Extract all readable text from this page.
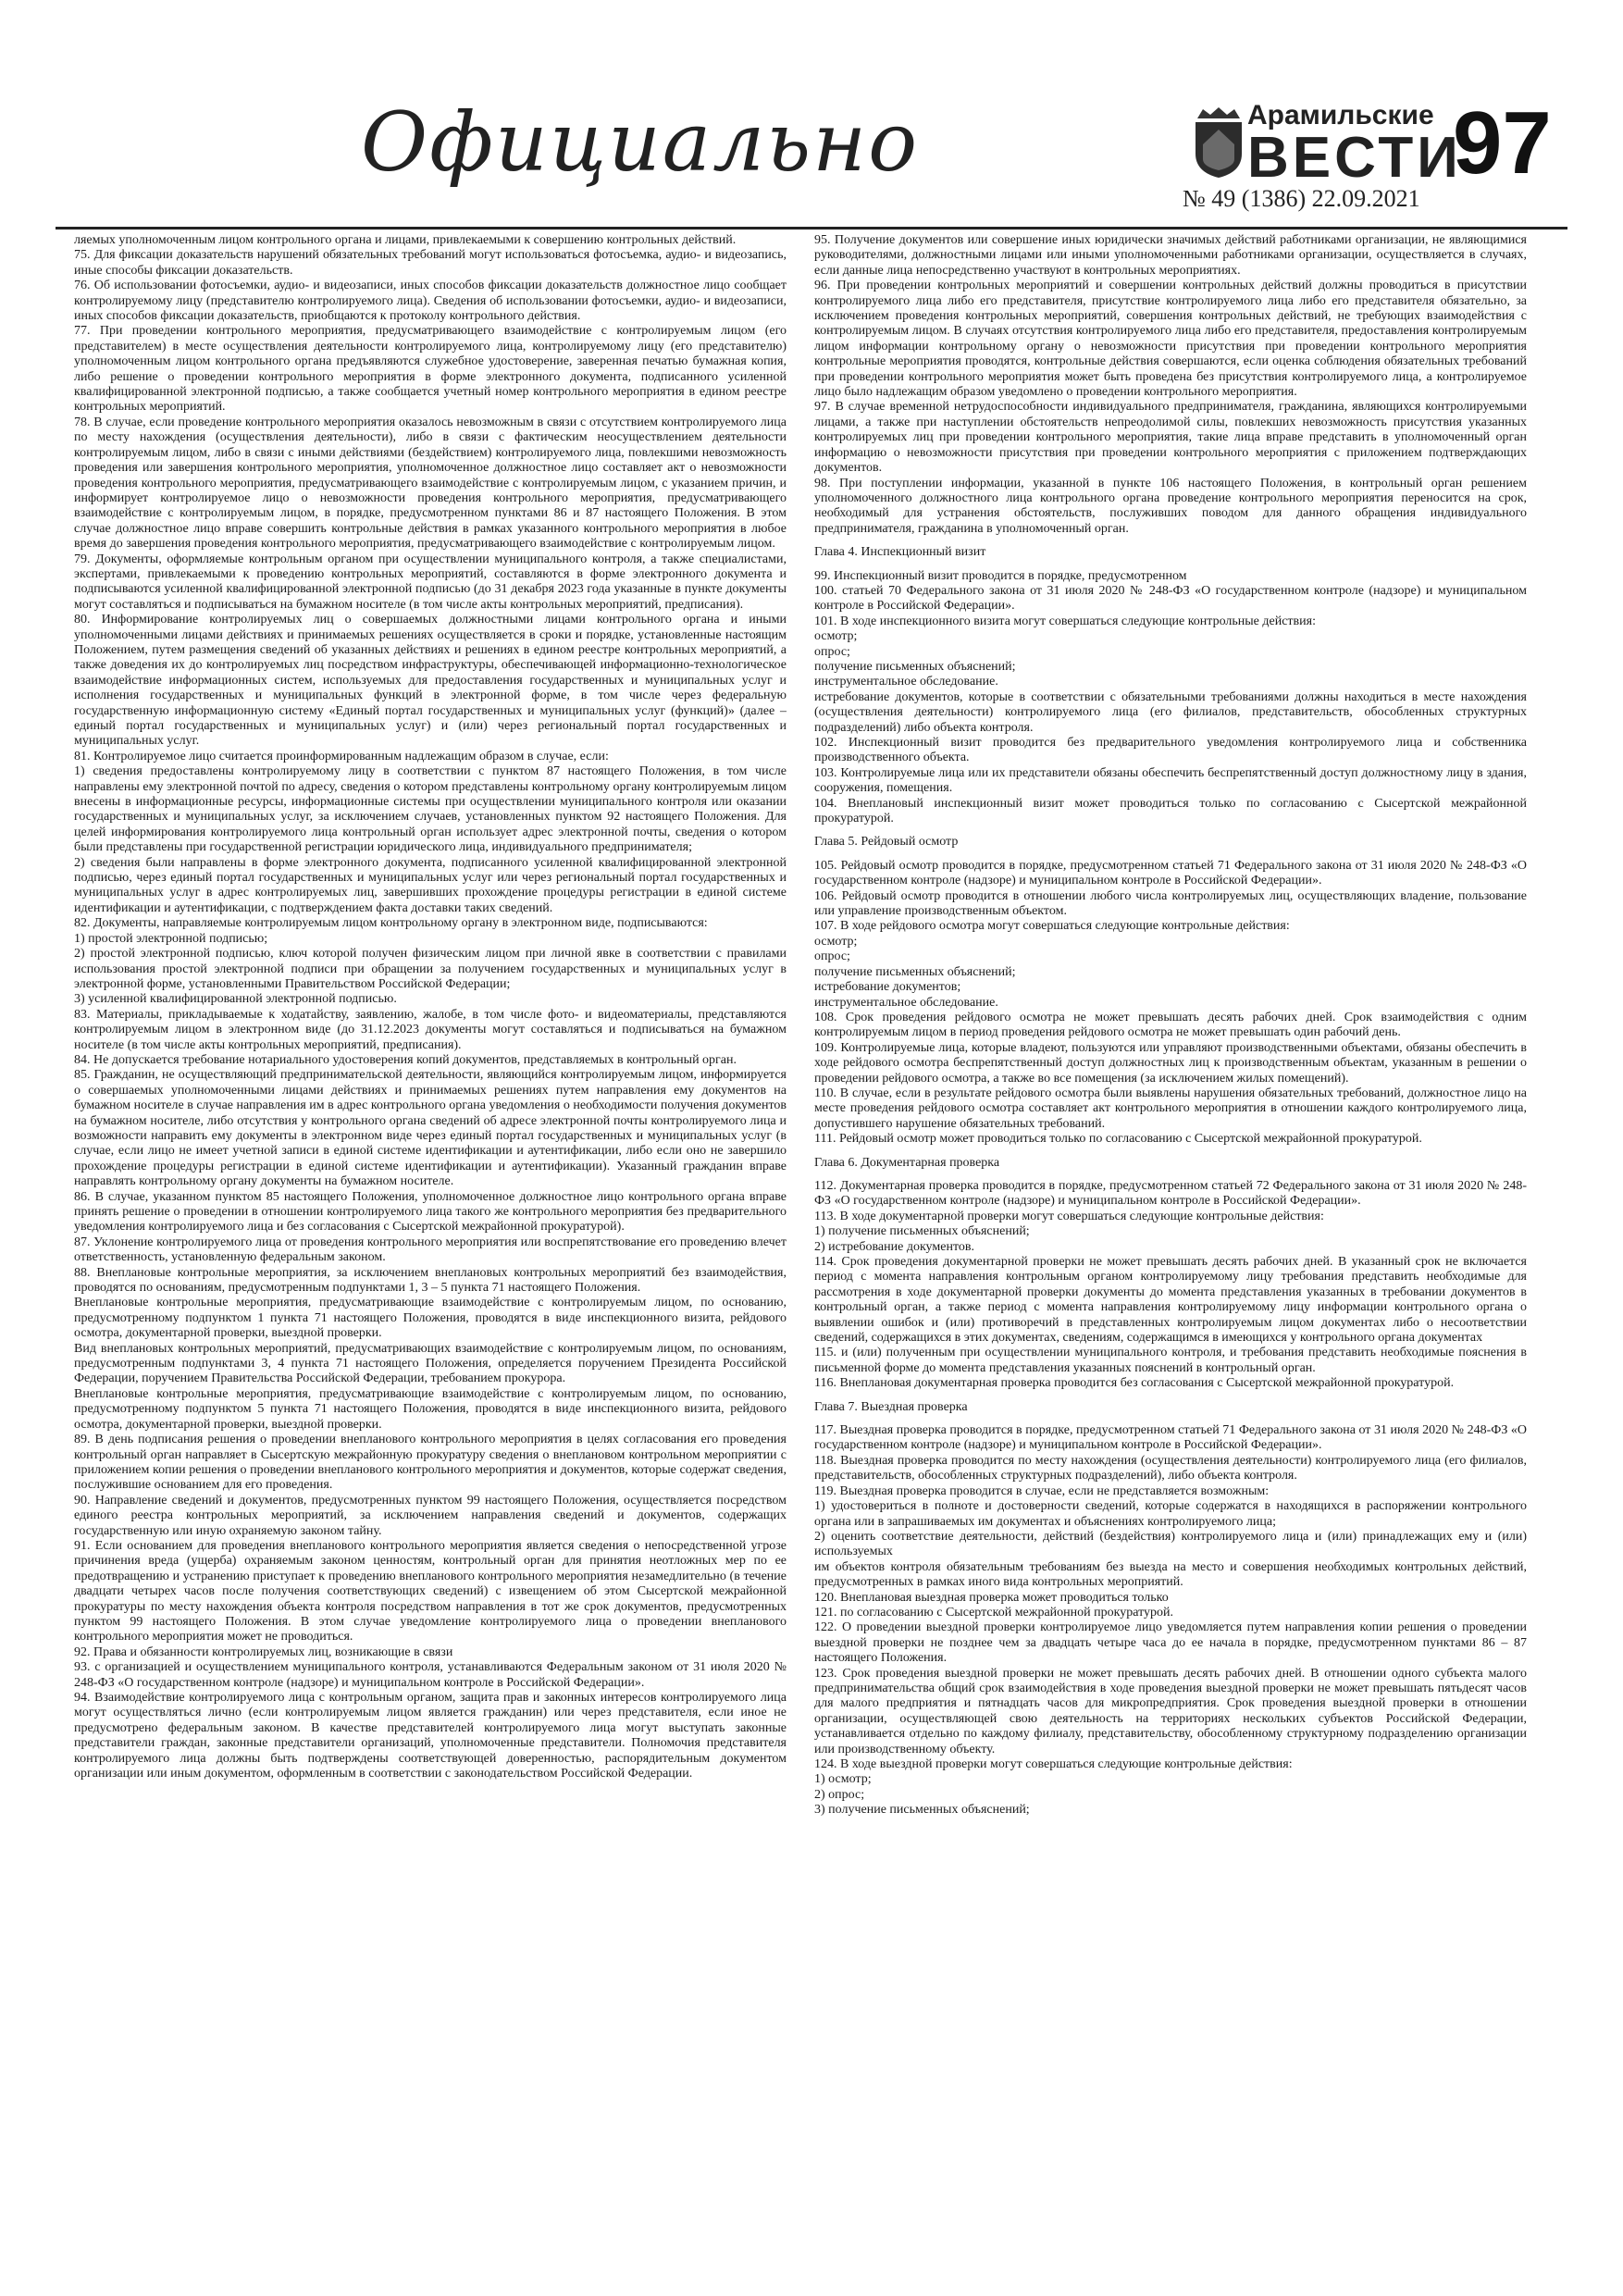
Официально	Арамильские
ВЕСТИ
№ 49 (1386) 22.09.2021
97

ляемых уполномоченным лицом контрольного органа и лицами, привлекаемыми к совершению контрольных действий.

75. Для фиксации доказательств нарушений обязательных требований могут использоваться фотосъемка, аудио- и видеозапись, иные способы фиксации доказательств.

76. Об использовании фотосъемки, аудио- и видеозаписи, иных способов фиксации доказательств должностное лицо сообщает контролируемому лицу (представителю контролируемого лица). Сведения об использовании фотосъемки, аудио- и видеозаписи, иных способов фиксации доказательств, приобщаются к протоколу контрольного действия.

77. При проведении контрольного мероприятия, предусматривающего взаимодействие с контролируемым лицом (его представителем) в месте осуществления деятельности контролируемого лица, контролируемому лицу (его представителю) уполномоченным лицом контрольного органа предъявляются служебное удостоверение, заверенная печатью бумажная копия, либо решение о проведении контрольного мероприятия в форме электронного документа, подписанного усиленной квалифицированной электронной подписью, а также сообщается учетный номер контрольного мероприятия в едином реестре контрольных мероприятий.

78. В случае, если проведение контрольного мероприятия оказалось невозможным в связи с отсутствием контролируемого лица по месту нахождения (осуществления деятельности), либо в связи с фактическим неосуществлением деятельности контролируемым лицом, либо в связи с иными действиями (бездействием) контролируемого лица, повлекшими невозможность проведения или завершения контрольного мероприятия, уполномоченное должностное лицо составляет акт о невозможности проведения контрольного мероприятия, предусматривающего взаимодействие с контролируемым лицом, с указанием причин, и информирует контролируемое лицо о невозможности проведения контрольного мероприятия, предусматривающего взаимодействие с контролируемым лицом, в порядке, предусмотренном пунктами 86 и 87 настоящего Положения. В этом случае должностное лицо вправе совершить контрольные действия в рамках указанного контрольного мероприятия в любое время до завершения проведения контрольного мероприятия, предусматривающего взаимодействие с контролируемым лицом.

79. Документы, оформляемые контрольным органом при осуществлении муниципального контроля, а также специалистами, экспертами, привлекаемыми к проведению контрольных мероприятий, составляются в форме электронного документа и подписываются усиленной квалифицированной электронной подписью (до 31 декабря 2023 года указанные в пункте документы могут составляться и подписываться на бумажном носителе (в том числе акты контрольных мероприятий, предписания).

80. Информирование контролируемых лиц о совершаемых должностными лицами контрольного органа и иными уполномоченными лицами действиях и принимаемых решениях осуществляется в сроки и порядке, установленные настоящим Положением, путем размещения сведений об указанных действиях и решениях в едином реестре контрольных мероприятий, а также доведения их до контролируемых лиц посредством инфраструктуры, обеспечивающей информационно-технологическое взаимодействие информационных систем, используемых для предоставления государственных и муниципальных услуг и исполнения государственных и муниципальных функций в электронной форме, в том числе через федеральную государственную информационную систему «Единый портал государственных и муниципальных услуг (функций)» (далее – единый портал государственных и муниципальных услуг) и (или) через региональный портал государственных и муниципальных услуг.

81. Контролируемое лицо считается проинформированным надлежащим образом в случае, если:

1) сведения предоставлены контролируемому лицу в соответствии с пунктом 87 настоящего Положения, в том числе направлены ему электронной почтой по адресу, сведения о котором представлены контрольному органу контролируемым лицом внесены в информационные ресурсы, информационные системы при осуществлении муниципального контроля или оказании государственных и муниципальных услуг, за исключением случаев, установленных пунктом 92 настоящего Положения. Для целей информирования контролируемого лица контрольный орган использует адрес электронной почты, сведения о котором были представлены при государственной регистрации юридического лица, индивидуального предпринимателя;

2) сведения были направлены в форме электронного документа, подписанного усиленной квалифицированной электронной подписью, через единый портал государственных и муниципальных услуг или через региональный портал государственных и муниципальных услуг в адрес контролируемых лиц, завершивших прохождение процедуры регистрации в единой системе идентификации и аутентификации, с подтверждением факта доставки таких сведений.

82. Документы, направляемые контролируемым лицом контрольному органу в электронном виде, подписываются:

1) простой электронной подписью;

2) простой электронной подписью, ключ которой получен физическим лицом при личной явке в соответствии с правилами использования простой электронной подписи при обращении за получением государственных и муниципальных услуг в электронной форме, установленными Правительством Российской Федерации;

3) усиленной квалифицированной электронной подписью.

83. Материалы, прикладываемые к ходатайству, заявлению, жалобе, в том числе фото- и видеоматериалы, представляются контролируемым лицом в электронном виде (до 31.12.2023 документы могут составляться и подписываться на бумажном носителе (в том числе акты контрольных мероприятий, предписания).

84. Не допускается требование нотариального удостоверения копий документов, представляемых в контрольный орган.

85. Гражданин, не осуществляющий предпринимательской деятельности, являющийся контролируемым лицом, информируется о совершаемых уполномоченными лицами действиях и принимаемых решениях путем направления ему документов на бумажном носителе в случае направления им в адрес контрольного органа уведомления о необходимости получения документов на бумажном носителе, либо отсутствия у контрольного органа сведений об адресе электронной почты контролируемого лица и возможности направить ему документы в электронном виде через единый портал государственных и муниципальных услуг (в случае, если лицо не имеет учетной записи в единой системе идентификации и аутентификации, либо если оно не завершило прохождение процедуры регистрации в единой системе идентификации и аутентификации). Указанный гражданин вправе направлять контрольному органу документы на бумажном носителе.

86. В случае, указанном пунктом 85 настоящего Положения, уполномоченное должностное лицо контрольного органа вправе принять решение о проведении в отношении контролируемого лица такого же контрольного мероприятия без предварительного уведомления контролируемого лица и без согласования с Сысертской межрайонной прокуратурой).

87. Уклонение контролируемого лица от проведения контрольного мероприятия или воспрепятствование его проведению влечет ответственность, установленную федеральным законом.

88. Внеплановые контрольные мероприятия, за исключением внеплановых контрольных мероприятий без взаимодействия, проводятся по основаниям, предусмотренным подпунктами 1, 3 – 5 пункта 71 настоящего Положения.

Внеплановые контрольные мероприятия, предусматривающие взаимодействие с контролируемым лицом, по основанию, предусмотренному подпунктом 1 пункта 71 настоящего Положения, проводятся в виде инспекционного визита, рейдового осмотра, документарной проверки, выездной проверки.

Вид внеплановых контрольных мероприятий, предусматривающих взаимодействие с контролируемым лицом, по основаниям, предусмотренным подпунктами 3, 4 пункта 71 настоящего Положения, определяется поручением Президента Российской Федерации, поручением Правительства Российской Федерации, требованием прокурора.

Внеплановые контрольные мероприятия, предусматривающие взаимодействие с контролируемым лицом, по основанию, предусмотренному подпунктом 5 пункта 71 настоящего Положения, проводятся в виде инспекционного визита, рейдового осмотра, документарной проверки, выездной проверки.

89. В день подписания решения о проведении внепланового контрольного мероприятия в целях согласования его проведения контрольный орган направляет в Сысертскую межрайонную прокуратуру сведения о внеплановом контрольном мероприятии с приложением копии решения о проведении внепланового контрольного мероприятия и документов, которые содержат сведения, послужившие основанием для его проведения.

90. Направление сведений и документов, предусмотренных пунктом 99 настоящего Положения, осуществляется посредством единого реестра контрольных мероприятий, за исключением направления сведений и документов, содержащих государственную или иную охраняемую законом тайну.

91. Если основанием для проведения внепланового контрольного мероприятия является сведения о непосредственной угрозе причинения вреда (ущерба) охраняемым законом ценностям, контрольный орган для принятия неотложных мер по ее предотвращению и устранению приступает к проведению внепланового контрольного мероприятия незамедлительно (в течение двадцати четырех часов после получения соответствующих сведений) с извещением об этом Сысертской межрайонной прокуратуры по месту нахождения объекта контроля посредством направления в тот же срок документов, предусмотренных пунктом 99 настоящего Положения. В этом случае уведомление контролируемого лица о проведении внепланового контрольного мероприятия может не проводиться.

92. Права и обязанности контролируемых лиц, возникающие в связи

93. с организацией и осуществлением муниципального контроля, устанавливаются Федеральным законом от 31 июля 2020 № 248-ФЗ «О государственном контроле (надзоре) и муниципальном контроле в Российской Федерации».

94. Взаимодействие контролируемого лица с контрольным органом, защита прав и законных интересов контролируемого лица могут осуществляться лично (если контролируемым лицом является гражданин) или через представителя, если иное не предусмотрено федеральным законом. В качестве представителей контролируемого лица могут выступать законные представители граждан, законные представители организаций, уполномоченные представители. Полномочия представителя контролируемого лица должны быть подтверждены соответствующей доверенностью, распорядительным документом организации или иным документом, оформленным в соответствии с законодательством Российской Федерации.

95. Получение документов или совершение иных юридически значимых действий работниками организации, не являющимися руководителями, должностными лицами или иными уполномоченными работниками организации, осуществляется в случаях, если данные лица непосредственно участвуют в контрольных мероприятиях.

96. При проведении контрольных мероприятий и совершении контрольных действий должны проводиться в присутствии контролируемого лица либо его представителя, присутствие контролируемого лица либо его представителя обязательно, за исключением проведения контрольных мероприятий, совершения контрольных действий, не требующих взаимодействия с контролируемым лицом. В случаях отсутствия контролируемого лица либо его представителя, предоставления контролируемым лицом информации контрольному органу о невозможности присутствия при проведении контрольного мероприятия контрольные мероприятия проводятся, контрольные действия совершаются, если оценка соблюдения обязательных требований при проведении контрольного мероприятия может быть проведена без присутствия контролируемого лица, а контролируемое лицо было надлежащим образом уведомлено о проведении контрольного мероприятия.

97. В случае временной нетрудоспособности индивидуального предпринимателя, гражданина, являющихся контролируемыми лицами, а также при наступлении обстоятельств непреодолимой силы, повлекших невозможность присутствия указанных контролируемых лиц при проведении контрольного мероприятия, такие лица вправе представить в уполномоченный орган информацию о невозможности присутствия при проведении контрольного мероприятия с приложением подтверждающих документов.

98. При поступлении информации, указанной в пункте 106 настоящего Положения, в контрольный орган решением уполномоченного должностного лица контрольного органа проведение контрольного мероприятия переносится на срок, необходимый для устранения обстоятельств, послуживших поводом для данного обращения индивидуального предпринимателя, гражданина в уполномоченный орган.

Глава 4. Инспекционный визит

99. Инспекционный визит проводится в порядке, предусмотренном

100. статьей 70 Федерального закона от 31 июля 2020 № 248-ФЗ «О государственном контроле (надзоре) и муниципальном контроле в Российской Федерации».

101. В ходе инспекционного визита могут совершаться следующие контрольные действия:

осмотр;

опрос;

получение письменных объяснений;

инструментальное обследование.

истребование документов, которые в соответствии с обязательными требованиями должны находиться в месте нахождения (осуществления деятельности) контролируемого лица (его филиалов, представительств, обособленных структурных подразделений) либо объекта контроля.

102. Инспекционный визит проводится без предварительного уведомления контролируемого лица и собственника производственного объекта.

103. Контролируемые лица или их представители обязаны обеспечить беспрепятственный доступ должностному лицу в здания, сооружения, помещения.

104. Внеплановый инспекционный визит может проводиться только по согласованию с Сысертской межрайонной прокуратурой.

Глава 5. Рейдовый осмотр

105. Рейдовый осмотр проводится в порядке, предусмотренном статьей 71 Федерального закона от 31 июля 2020 № 248-ФЗ «О государственном контроле (надзоре) и муниципальном контроле в Российской Федерации».

106. Рейдовый осмотр проводится в отношении любого числа контролируемых лиц, осуществляющих владение, пользование или управление производственным объектом.

107. В ходе рейдового осмотра могут совершаться следующие контрольные действия:

осмотр;

опрос;

получение письменных объяснений;

истребование документов;

инструментальное обследование.

108. Срок проведения рейдового осмотра не может превышать десять рабочих дней. Срок взаимодействия с одним контролируемым лицом в период проведения рейдового осмотра не может превышать один рабочий день.

109. Контролируемые лица, которые владеют, пользуются или управляют производственными объектами, обязаны обеспечить в ходе рейдового осмотра беспрепятственный доступ должностных лиц к производственным объектам, указанным в решении о проведении рейдового осмотра, а также во все помещения (за исключением жилых помещений).

110. В случае, если в результате рейдового осмотра были выявлены нарушения обязательных требований, должностное лицо на месте проведения рейдового осмотра составляет акт контрольного мероприятия в отношении каждого контролируемого лица, допустившего нарушение обязательных требований.

111. Рейдовый осмотр может проводиться только по согласованию с Сысертской межрайонной прокуратурой.

Глава 6. Документарная проверка

112. Документарная проверка проводится в порядке, предусмотренном статьей 72 Федерального закона от 31 июля 2020 № 248-ФЗ «О государственном контроле (надзоре) и муниципальном контроле в Российской Федерации».

113. В ходе документарной проверки могут совершаться следующие контрольные действия:

1) получение письменных объяснений;

2) истребование документов.

114. Срок проведения документарной проверки не может превышать десять рабочих дней. В указанный срок не включается период с момента направления контрольным органом контролируемому лицу требования представить необходимые для рассмотрения в ходе документарной проверки документы до момента представления указанных в требовании документов в контрольный орган, а также период с момента направления контролируемому лицу информации контрольного органа о выявлении ошибок и (или) противоречий в представленных контролируемым лицом документах либо о несоответствии сведений, содержащихся в этих документах, сведениям, содержащимся в имеющихся у контрольного органа документах

115. и (или) полученным при осуществлении муниципального контроля, и требования представить необходимые пояснения в письменной форме до момента представления указанных пояснений в контрольный орган.

116. Внеплановая документарная проверка проводится без согласования с Сысертской межрайонной прокуратурой.

Глава 7. Выездная проверка

117. Выездная проверка проводится в порядке, предусмотренном статьей 71 Федерального закона от 31 июля 2020 № 248-ФЗ «О государственном контроле (надзоре) и муниципальном контроле в Российской Федерации».

118. Выездная проверка проводится по месту нахождения (осуществления деятельности) контролируемого лица (его филиалов, представительств, обособленных структурных подразделений), либо объекта контроля.

119. Выездная проверка проводится в случае, если не представляется возможным:

1) удостовериться в полноте и достоверности сведений, которые содержатся в находящихся в распоряжении контрольного органа или в запрашиваемых им документах и объяснениях контролируемого лица;

2) оценить соответствие деятельности, действий (бездействия) контролируемого лица и (или) принадлежащих ему и (или) используемых

им объектов контроля обязательным требованиям без выезда на место и совершения необходимых контрольных действий, предусмотренных в рамках иного вида контрольных мероприятий.

120. Внеплановая выездная проверка может проводиться только

121. по согласованию с Сысертской межрайонной прокуратурой.

122. О проведении выездной проверки контролируемое лицо уведомляется путем направления копии решения о проведении выездной проверки не позднее чем за двадцать четыре часа до ее начала в порядке, предусмотренном пунктами 86 – 87 настоящего Положения.

123. Срок проведения выездной проверки не может превышать десять рабочих дней. В отношении одного субъекта малого предпринимательства общий срок взаимодействия в ходе проведения выездной проверки не может превышать пятьдесят часов для малого предприятия и пятнадцать часов для микропредприятия. Срок проведения выездной проверки в отношении организации, осуществляющей свою деятельность на территориях нескольких субъектов Российской Федерации, устанавливается отдельно по каждому филиалу, представительству, обособленному структурному подразделению организации или производственному объекту.

124. В ходе выездной проверки могут совершаться следующие контрольные действия:

1) осмотр;

2) опрос;

3) получение письменных объяснений;
